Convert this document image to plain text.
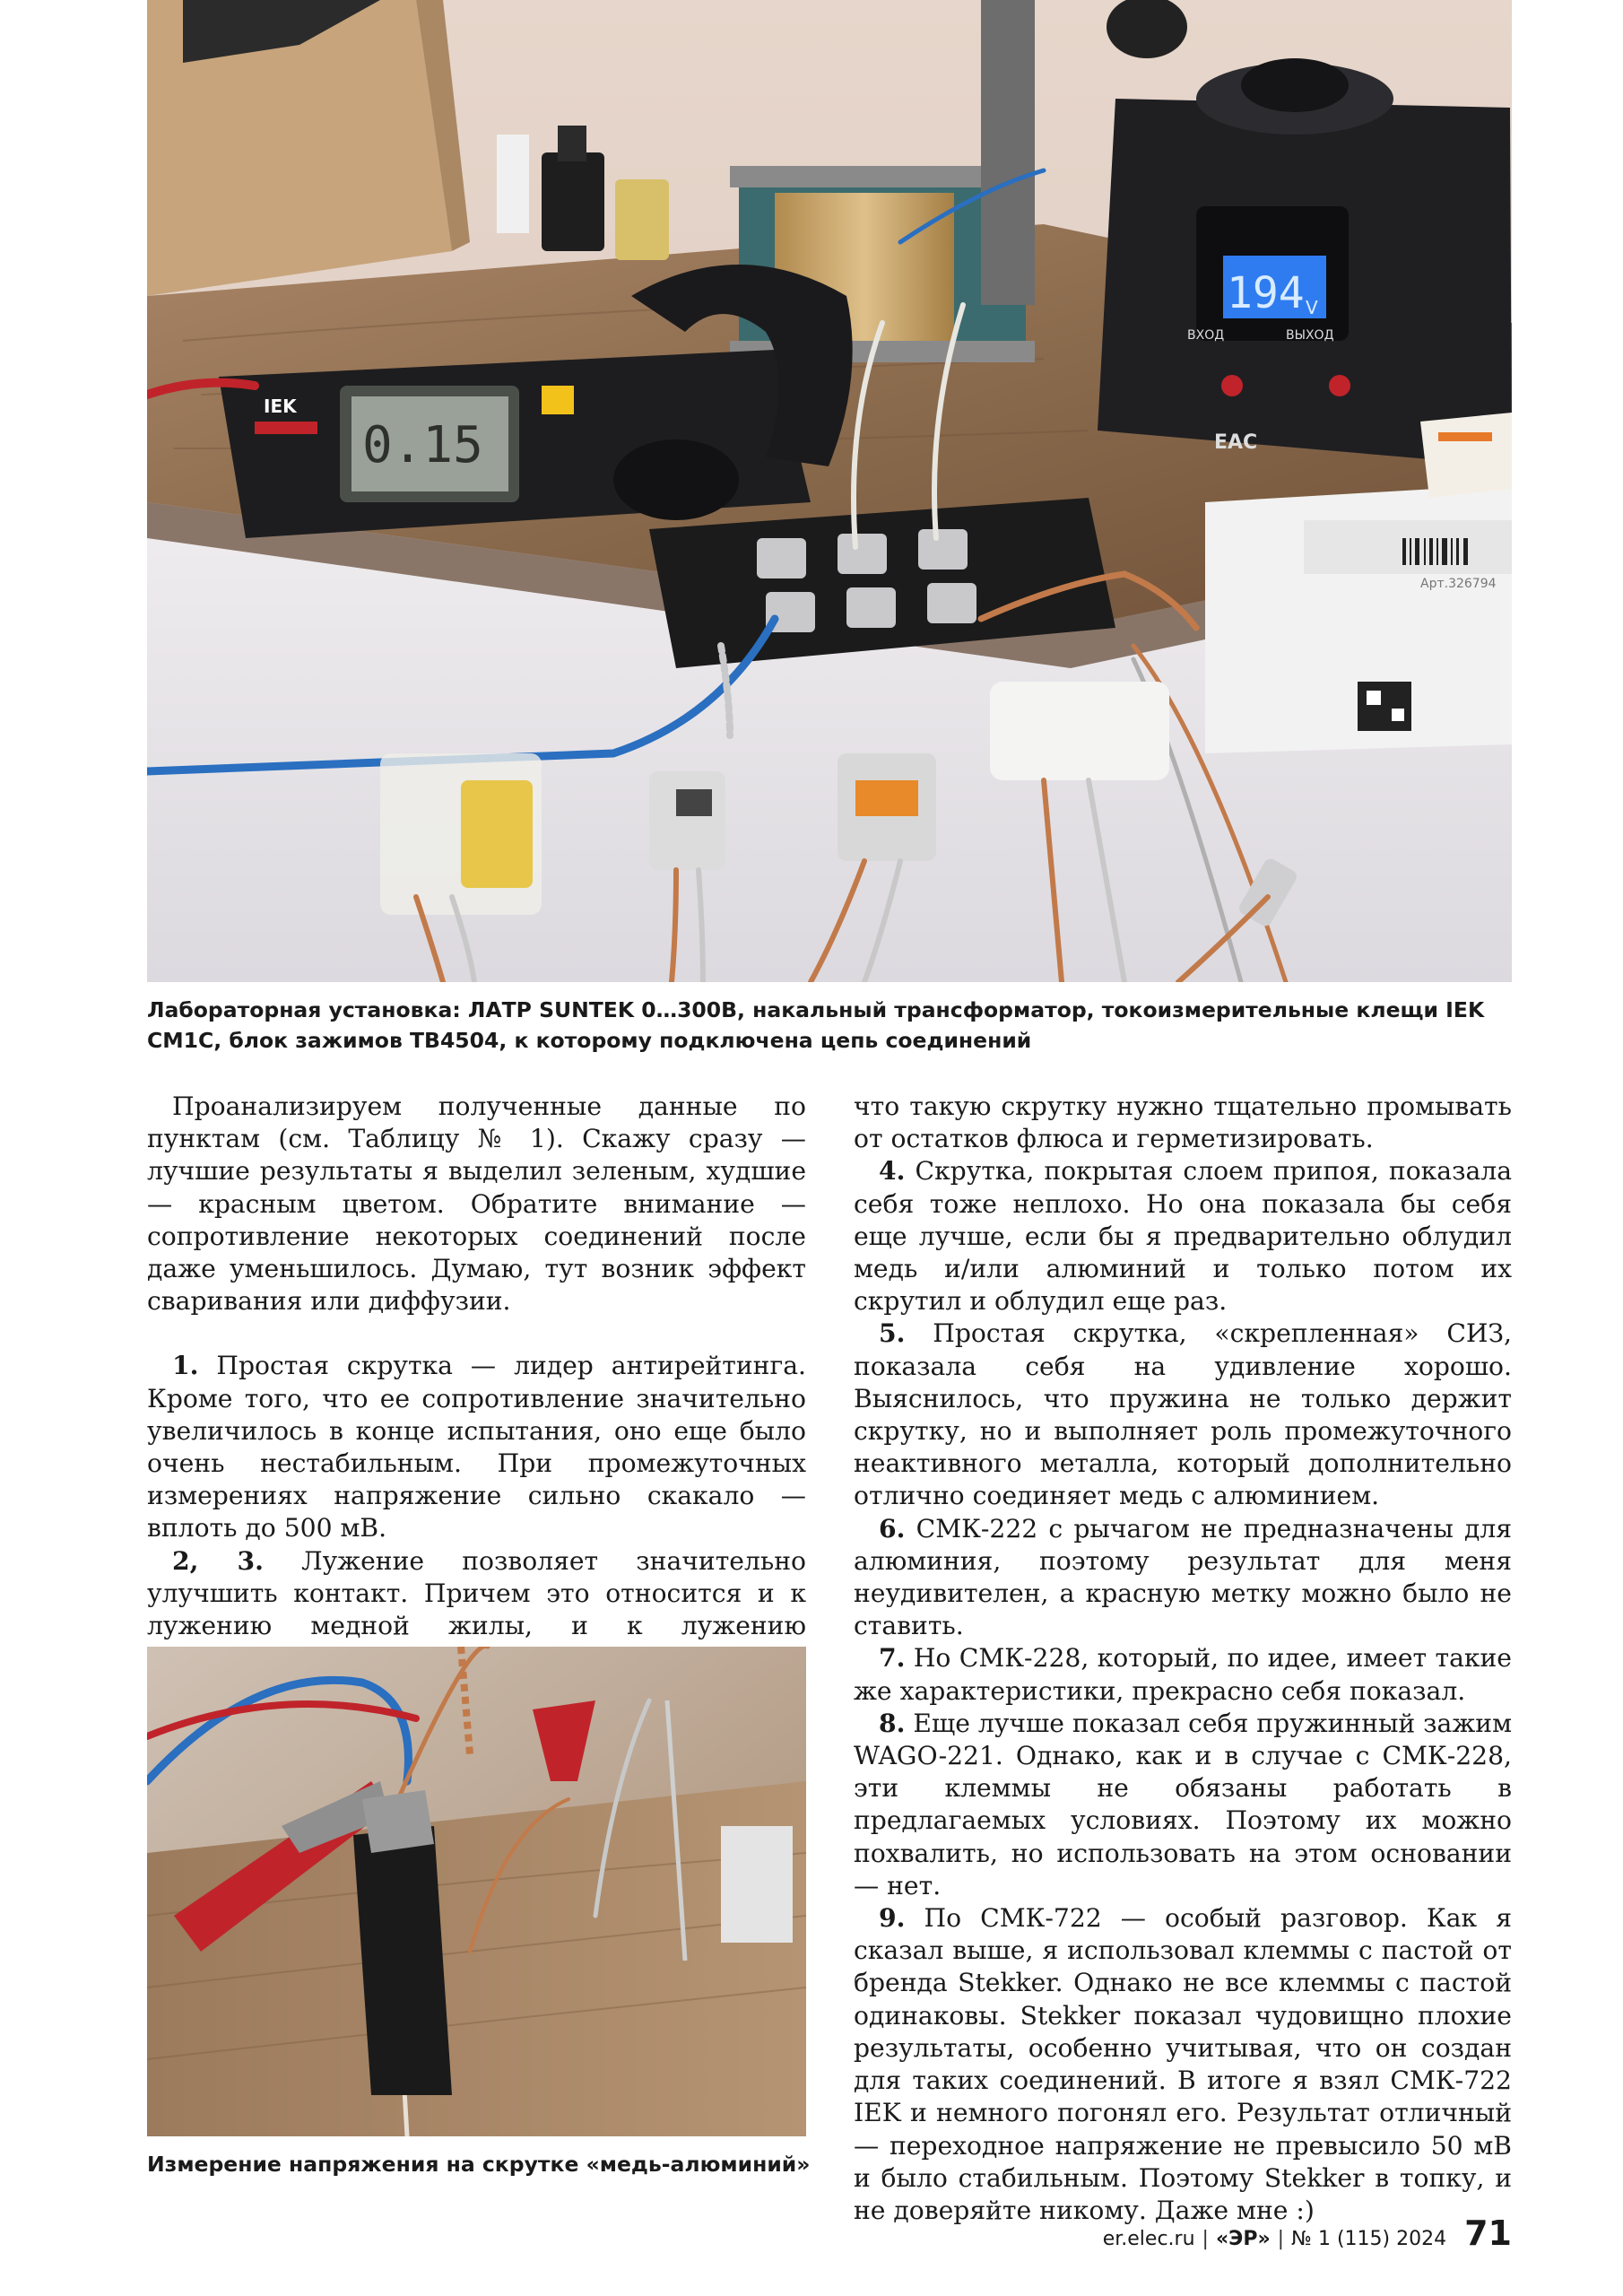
194 V
ВХОД	ВЫХОД
EAC
Арт.326794
0.15
IEK

Лабораторная установка: ЛАТР SUNTEK 0…300В, накальный трансформатор, токоизмерительные клещи IEK CM1C, блок зажимов ТВ4504, к которому подключена цепь соединений

Проанализируем полученные данные по пунктам (см. Таблицу № 1). Скажу сразу — лучшие результаты я выделил зеленым, худшие — красным цветом. Обратите внимание — сопротивление некоторых соединений после даже уменьшилось. Думаю, тут возник эффект сваривания или диффузии.

1. Простая скрутка — лидер антирейтинга. Кроме того, что ее сопротивление значительно увеличилось в конце испытания, оно еще было очень нестабильным. При промежуточных измерениях напряжение сильно скакало — вплоть до 500 мВ.

2, 3. Лужение позволяет значительно улучшить контакт. Причем это относится и к лужению медной жилы, и к лужению

Измерение напряжения на скрутке «медь-алюминий»

что такую скрутку нужно тщательно промывать от остатков флюса и герметизировать.

4. Скрутка, покрытая слоем припоя, показала себя тоже неплохо. Но она показала бы себя еще лучше, если бы я предварительно облудил медь и/или алюминий и только потом их скрутил и облудил еще раз.

5. Простая скрутка, «скрепленная» СИЗ, показала себя на удивление хорошо. Выяснилось, что пружина не только держит скрутку, но и выполняет роль промежуточного неактивного металла, который дополнительно отлично соединяет медь с алюминием.

6. СМК-222 с рычагом не предназначены для алюминия, поэтому результат для меня неудивителен, а красную метку можно было не ставить.

7. Но СМК-228, который, по идее, имеет такие же характеристики, прекрасно себя показал.

8. Еще лучше показал себя пружинный зажим WAGO-221. Однако, как и в случае с СМК-228, эти клеммы не обязаны работать в предлагаемых условиях. Поэтому их можно похвалить, но использовать на этом основании — нет.

9. По СМК-722 — особый разговор. Как я сказал выше, я использовал клеммы с пастой от бренда Stekker. Однако не все клеммы с пастой одинаковы. Stekker показал чудовищно плохие результаты, особенно учитывая, что он создан для таких соединений. В итоге я взял СМК-722 IEK и немного погонял его. Результат отличный — переходное напряжение не превысило 50 мВ и было стабильным. Поэтому Stekker в топку, и не доверяйте никому. Даже мне :)

er.elec.ru | «ЭР» | № 1 (115) 2024 71
